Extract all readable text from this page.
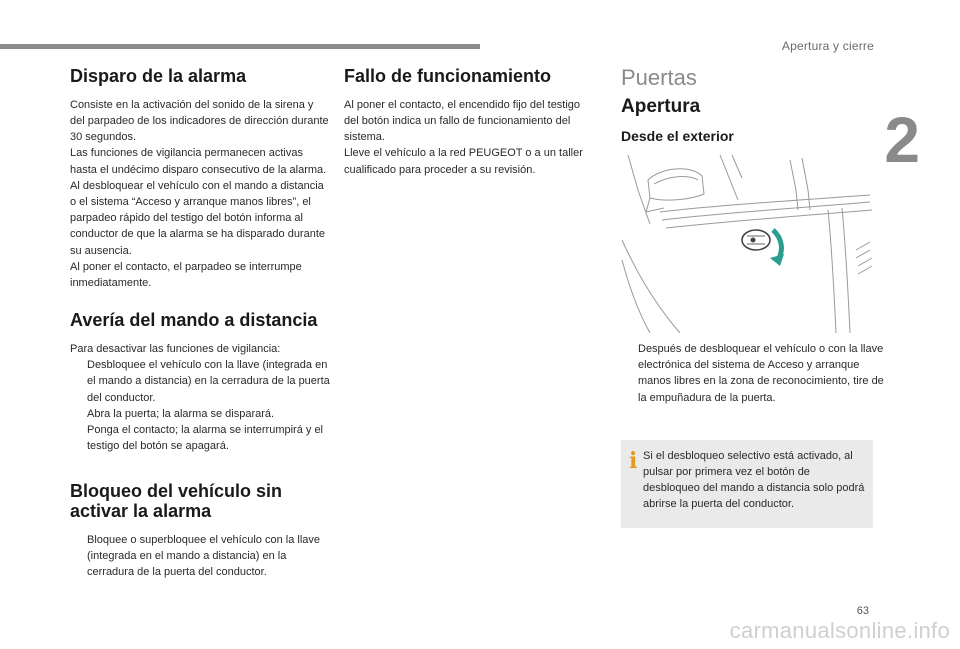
Apertura y cierre
2
Disparo de la alarma

Consiste en la activación del sonido de la sirena y del parpadeo de los indicadores de dirección durante 30 segundos.
Las funciones de vigilancia permanecen activas hasta el undécimo disparo consecutivo de la alarma.
Al desbloquear el vehículo con el mando a distancia o el sistema “Acceso y arranque manos libres”, el parpadeo rápido del testigo del botón informa al conductor de que la alarma se ha disparado durante su ausencia.
Al poner el contacto, el parpadeo se interrumpe inmediatamente.

Avería del mando a distancia

Para desactivar las funciones de vigilancia:

Desbloquee el vehículo con la llave (integrada en el mando a distancia) en la cerradura de la puerta del conductor.
Abra la puerta; la alarma se disparará.
Ponga el contacto; la alarma se interrumpirá y el testigo del botón se apagará.
Bloqueo del vehículo sin activar la alarma
Bloquee o superbloquee el vehículo con la llave (integrada en el mando a distancia) en la cerradura de la puerta del conductor.
Fallo de funcionamiento

Al poner el contacto, el encendido fijo del testigo del botón indica un fallo de funcionamiento del sistema.
Lleve el vehículo a la red PEUGEOT o a un taller cualificado para proceder a su revisión.

Puertas
Apertura
Desde el exterior
Después de desbloquear el vehículo o con la llave electrónica del sistema de Acceso y arranque manos libres en la zona de reconocimiento, tire de la empuñadura de la puerta.
i Si el desbloqueo selectivo está activado, al pulsar por primera vez el botón de desbloqueo del mando a distancia solo podrá abrirse la puerta del conductor.
63
carmanualsonline.info
